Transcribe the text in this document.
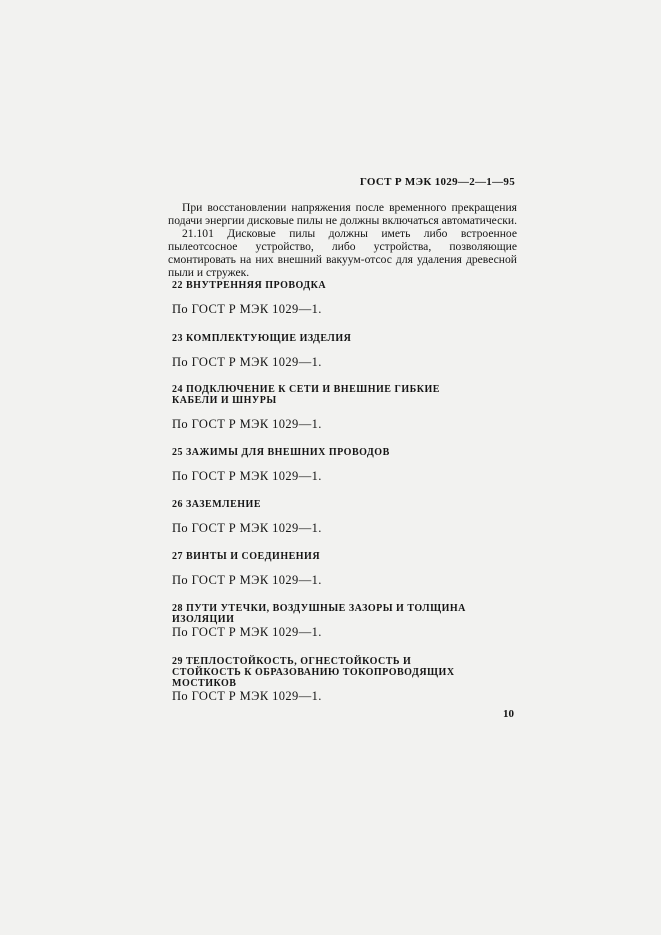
ГОСТ Р МЭК 1029—2—1—95

При восстановлении напряжения после временного прекращения подачи энергии дисковые пилы не должны включаться автоматически.

21.101 Дисковые пилы должны иметь либо встроенное пылеотсосное устройство, либо устройства, позволяющие смонтировать на них внешний вакуум-отсос для удаления древесной пыли и стружек.

22 ВНУТРЕННЯЯ ПРОВОДКА
По ГОСТ Р МЭК 1029—1.
23 КОМПЛЕКТУЮЩИЕ ИЗДЕЛИЯ
По ГОСТ Р МЭК 1029—1.
24 ПОДКЛЮЧЕНИЕ К СЕТИ И ВНЕШНИЕ ГИБКИЕ КАБЕЛИ И ШНУРЫ
По ГОСТ Р МЭК 1029—1.
25 ЗАЖИМЫ ДЛЯ ВНЕШНИХ ПРОВОДОВ
По ГОСТ Р МЭК 1029—1.
26 ЗАЗЕМЛЕНИЕ
По ГОСТ Р МЭК 1029—1.
27 ВИНТЫ И СОЕДИНЕНИЯ
По ГОСТ Р МЭК 1029—1.
28 ПУТИ УТЕЧКИ, ВОЗДУШНЫЕ ЗАЗОРЫ И ТОЛЩИНА ИЗОЛЯЦИИ
По ГОСТ Р МЭК 1029—1.
29 ТЕПЛОСТОЙКОСТЬ, ОГНЕСТОЙКОСТЬ И СТОЙКОСТЬ К ОБРАЗОВАНИЮ ТОКОПРОВОДЯЩИХ МОСТИКОВ
По ГОСТ Р МЭК 1029—1.
10
